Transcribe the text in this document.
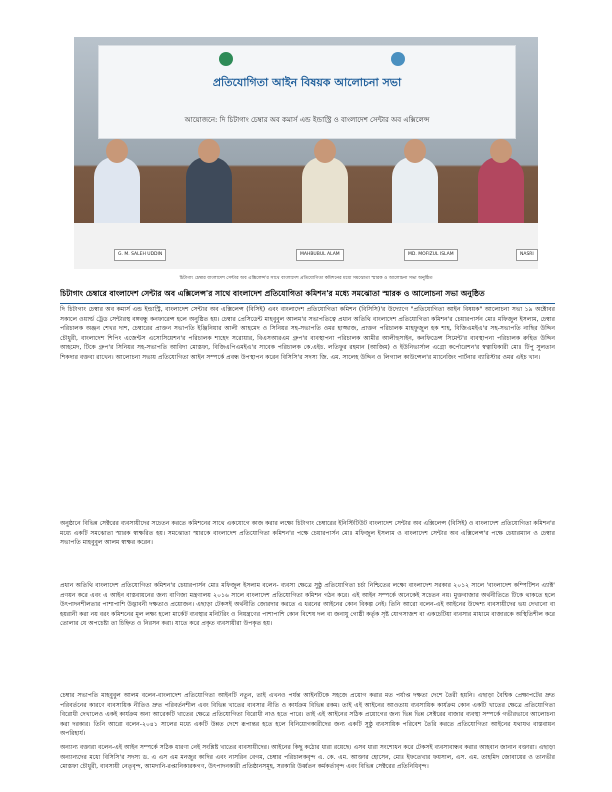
প্রতিযোগিতা আইন বিষয়ক আলোচনা সভা
আয়োজনে: দি চিটাগাং চেম্বার অব কমার্স এন্ড ইন্ডাস্ট্রি ও বাংলাদেশ সেন্টার অব এক্সিলেন্স
G. M. SALEH UDDIN	MAHBUBUL ALAM	MD. MOFIZUL ISLAM	NASRI
চিটাগাং চেম্বার বাংলাদেশ সেন্টার অব এক্সিলেন্স'র সাথে বাংলাদেশ প্রতিযোগিতা কমিশনের মধ্যে সমঝোতা স্মারক ও আলোচনা সভা অনুষ্ঠিত
চিটাগাং চেম্বারে বাংলাদেশ সেন্টার অব এক্সিলেন্স'র সাথে বাংলাদেশ প্রতিযোগিতা কমিশন'র মধ্যে সমঝোতা স্মারক ও আলোচনা সভা অনুষ্ঠিত

দি চিটাগাং চেম্বার অব কমার্স এন্ড ইন্ডাস্ট্রি, বাংলাদেশ সেন্টার অব এক্সিলেন্স (বিসিই) এবং বাংলাদেশ প্রতিযোগিতা কমিশন (বিসিসি)'র উদ্যোগে "প্রতিযোগিতা আইন বিষয়ক" আলোচনা সভা ১৯ অক্টোবর সকালে ওয়ার্ল্ড ট্রেড সেন্টারস্থ বঙ্গবন্ধু কনফারেন্স হলে অনুষ্ঠিত হয়। চেম্বার প্রেসিডেন্ট মাহবুবুল আলম'র সভাপতিত্বে প্রধান অতিথি বাংলাদেশ প্রতিযোগিতা কমিশন'র চেয়ারপার্সন মোঃ মফিজুল ইসলাম, চেম্বার পরিচালক অঞ্জন শেখর দাশ, চেম্বারের প্রাক্তন সভাপতি ইঞ্জিনিয়ার আলী আহমেদ ও সিনিয়র সহ-সভাপতি ওমর হাজ্জাজ, প্রাক্তন পরিচালক মাহফুজুল হক শাহ, বিজিএমইএ'র সহ-সভাপতি নাছির উদ্দিন চৌধুরী, বাংলাদেশ শিপিং এজেন্টস এসোসিয়েশন'র পরিচালক শাহেদ সরোয়ার, বিএসআরএম গ্রুপ'র ব্যবস্থাপনা পরিচালক আমীর আলীহুসাইন, কনফিডেন্স সিমেন্ট'র ব্যবস্থাপনা পরিচালক রুহিত উদ্দিন আহমেদ, টিকে গ্রুপ'র সিনিয়র সহ-সভাপতি আবিদা মোস্তফা, বিজিএপিএমইএ'র সাবেক পরিচালক কে.এইচ. লতিফুর রহমান (আজিম) ও ইউনিভার্সাল এগ্রো কর্পোরেশন'র স্বত্বাধিকারী মোঃ টিপু সুলতান শিকদার বক্তব্য রাখেন। আলোচনা সভায় প্রতিযোগিতা আইন সম্পর্কে প্রবন্ধ উপস্থাপন করেন বিসিসি'র সদস্য জি. এম. সালেহ উদ্দিন ও লিগ্যাল কাউন্সেল'র ম্যানেজিং পার্টনার ব্যারিস্টার ওমর এইচ খান।

অনুষ্ঠানে বিভিন্ন সেক্টরের ব্যবসায়ীদের সচেতন করতে কমিশনের সাথে একযোগে কাজ করার লক্ষ্যে চিটাগাং চেম্বারের ইনিস্টিটিউট বাংলাদেশ সেন্টার অব এক্সিলেন্স (বিসিই) ও বাংলাদেশ প্রতিযোগিতা কমিশন'র মধ্যে একটি সমঝোতা স্মারক স্বাক্ষরিত হয়। সমঝোতা স্মারকে বাংলাদেশ প্রতিযোগিতা কমিশন'র পক্ষে চেয়ারপার্সন মোঃ মফিজুল ইসলাম ও বাংলাদেশ সেন্টার অব এক্সিলেন্স'র পক্ষে চেয়ারম্যান ও চেম্বার সভাপতি মাহবুবুল আলম স্বাক্ষর করেন।

প্রধান অতিথি বাংলাদেশ প্রতিযোগিতা কমিশন'র চেয়ারপার্সন মোঃ মফিজুল ইসলাম বলেন- ব্যবসা ক্ষেত্রে সুষ্ঠু প্রতিযোগিতা চর্চা নিশ্চিতের লক্ষ্যে বাংলাদেশ সরকার ২০১২ সালে 'বাংলাদেশ কম্পিটিশন এ্যাক্ট' প্রণয়ন করে এবং এ আইন বাস্তবায়নের জন্য বাণিজ্য মন্ত্রণালয় ২০১৬ সালে বাংলাদেশ প্রতিযোগিতা কমিশন গঠন করে। এই আইন সম্পর্কে অনেকেই সচেতন নয়। মুক্তবাজার অর্থনীতিতে টিকে থাকতে হলে উৎপাদনশীলতার পাশাপাশি উদ্ভাবনী দক্ষতাও প্রয়োজন। এছাড়া টেকসই অর্থনীতি জোরদার করতে এ ধরনের আইনের কোন বিকল্প নেই। তিনি আরো বলেন-এই আইনের উদ্দেশ্য ব্যবসায়ীদের ভয় দেখানো বা হয়রানী করা নয় বরং কমিশনের মূল লক্ষ্য হলো মার্কেট ব্যবস্থার মনিটরিং ও নিয়ন্ত্রণের পাশাপাশি কোন বিশেষ দল বা জনাযু গোষ্ঠী কর্তৃক সৃষ্ট যোগসাজশ বা একচেটিয়া ব্যবসার মাধ্যমে বাজারকে অস্থিতিশীল করে তোলার যে অপচেষ্টা তা চিহ্নিত ও নিরসন করা। যাতে করে প্রকৃত ব্যবসায়ীরা উপকৃত হয়।

চেম্বার সভাপতি মাহবুবুল আলম বলেন-বাংলাদেশ প্রতিযোগিতা আইনটি নতুন, তাই এখনও পর্যন্ত আইনটিকে সহজে প্রয়োগ করার মত পর্যাপ্ত দক্ষতা দেশে তৈরী হয়নি। এছাড়া বৈশ্বিক প্রেক্ষাপটের দ্রুত পরিবর্তনের কারণে ব্যবসায়িক নীতিও দ্রুত পরিবর্তনশীল এবং বিভিন্ন খাতের ব্যবসার নীতি ও কার্যক্রম বিভিন্ন রকম। তাই এই আইনের আওতায় ব্যবসায়িক কার্যক্রম কোন একটি খাতের ক্ষেত্রে প্রতিযোগিতা বিরোধী দেখালেও একই কার্যক্রম অন্য আরেকটি খাতের ক্ষেত্রে প্রতিযোগিতা বিরোধী নাও হতে পারে। তাই এই আইনের সঠিক প্রয়োগের জন্য ভিন্ন ভিন্ন সেক্টরের বাজার ব্যবস্থা সম্পর্কে গভীরভাবে আলোচনা করা দরকার। তিনি আরো বলেন-২০৪১ সালের মধ্যে একটি উন্নত দেশে রূপান্তর হতে হলে বিনিয়োগকারীদের জন্য একটি সুষ্ঠু ব্যবসায়িক পরিবেশ তৈরি করতে প্রতিযোগিতা আইনের যথাযথ বাস্তবায়ন অপরিহার্য।

অন্যান্য বক্তারা বলেন-এই আইন সম্পর্কে সঠিক ধারণা নেই সংশ্লিষ্ট খাতের ব্যবসায়ীদের। আইনের কিছু কঠোর ধারা রয়েছে। এসব ধারা সংশোধন করে টেকসই ব্যবসাবান্ধব করার আহবান জানান বক্তারা। এছাড়া অন্যান্যদের মধ্যে বিসিসি'র সদস্য ড. এ এস এম মনজুর কাদির এবং নাসরিন বেগম, চেম্বার পরিচালকবৃন্দ এ. কে. এম. আক্তার হোসেন, মোঃ ইফতেখার ফয়সাল, এস. এম. তাহমিদ জোবায়ের ও তানভীর মোস্তফা চৌধুরী, ব্যবসায়ী নেতৃবৃন্দ, আমদানি-রপ্তানিকারকগণ, উৎপাদনকারী প্রতিষ্ঠানসমূহ, সরকারি উর্ধ্বতন কর্মকর্তাবৃন্দ এবং বিভিন্ন সেক্টরের প্রতিনিধিবৃন্দ।
